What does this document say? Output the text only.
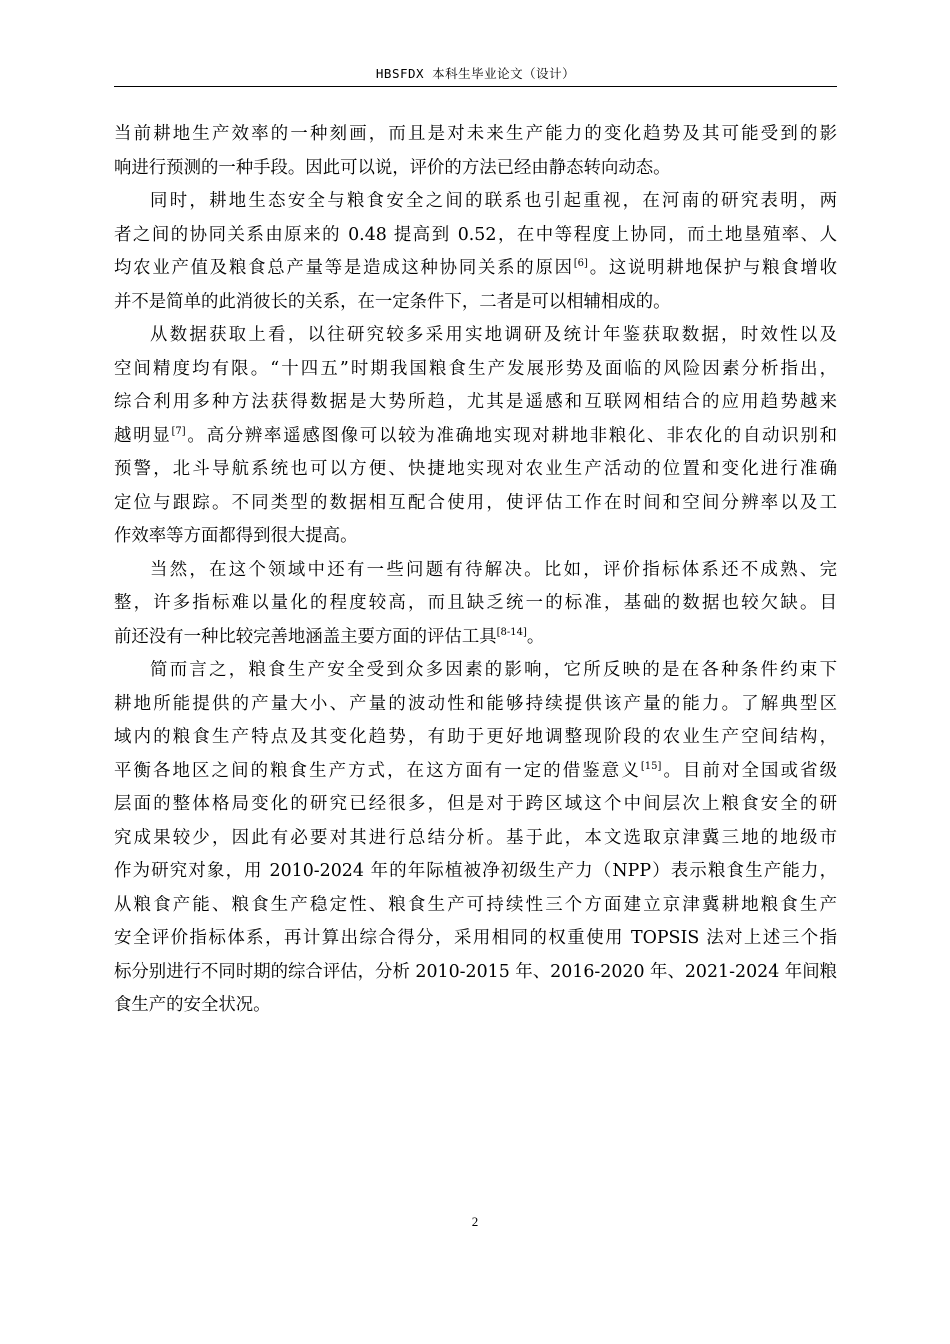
HBSFDX 本科生毕业论文（设计）
当前耕地生产效率的一种刻画，而且是对未来生产能力的变化趋势及其可能受到的影
响进行预测的一种手段。因此可以说，评价的方法已经由静态转向动态。
同时，耕地生态安全与粮食安全之间的联系也引起重视，在河南的研究表明，两
者之间的协同关系由原来的 0.48 提高到 0.52，在中等程度上协同，而土地垦殖率、人
均农业产值及粮食总产量等是造成这种协同关系的原因[6]。这说明耕地保护与粮食增收
并不是简单的此消彼长的关系，在一定条件下，二者是可以相辅相成的。
从数据获取上看，以往研究较多采用实地调研及统计年鉴获取数据，时效性以及
空间精度均有限。“十四五”时期我国粮食生产发展形势及面临的风险因素分析指出，
综合利用多种方法获得数据是大势所趋，尤其是遥感和互联网相结合的应用趋势越来
越明显[7]。高分辨率遥感图像可以较为准确地实现对耕地非粮化、非农化的自动识别和
预警，北斗导航系统也可以方便、快捷地实现对农业生产活动的位置和变化进行准确
定位与跟踪。不同类型的数据相互配合使用，使评估工作在时间和空间分辨率以及工
作效率等方面都得到很大提高。
当然，在这个领域中还有一些问题有待解决。比如，评价指标体系还不成熟、完
整，许多指标难以量化的程度较高，而且缺乏统一的标准，基础的数据也较欠缺。目
前还没有一种比较完善地涵盖主要方面的评估工具[8-14]。
简而言之，粮食生产安全受到众多因素的影响，它所反映的是在各种条件约束下
耕地所能提供的产量大小、产量的波动性和能够持续提供该产量的能力。了解典型区
域内的粮食生产特点及其变化趋势，有助于更好地调整现阶段的农业生产空间结构，
平衡各地区之间的粮食生产方式，在这方面有一定的借鉴意义[15]。目前对全国或省级
层面的整体格局变化的研究已经很多，但是对于跨区域这个中间层次上粮食安全的研
究成果较少，因此有必要对其进行总结分析。基于此，本文选取京津冀三地的地级市
作为研究对象，用 2010-2024 年的年际植被净初级生产力（NPP）表示粮食生产能力，
从粮食产能、粮食生产稳定性、粮食生产可持续性三个方面建立京津冀耕地粮食生产
安全评价指标体系，再计算出综合得分，采用相同的权重使用 TOPSIS 法对上述三个指
标分别进行不同时期的综合评估，分析 2010-2015 年、2016-2020 年、2021-2024 年间粮
食生产的安全状况。
2
